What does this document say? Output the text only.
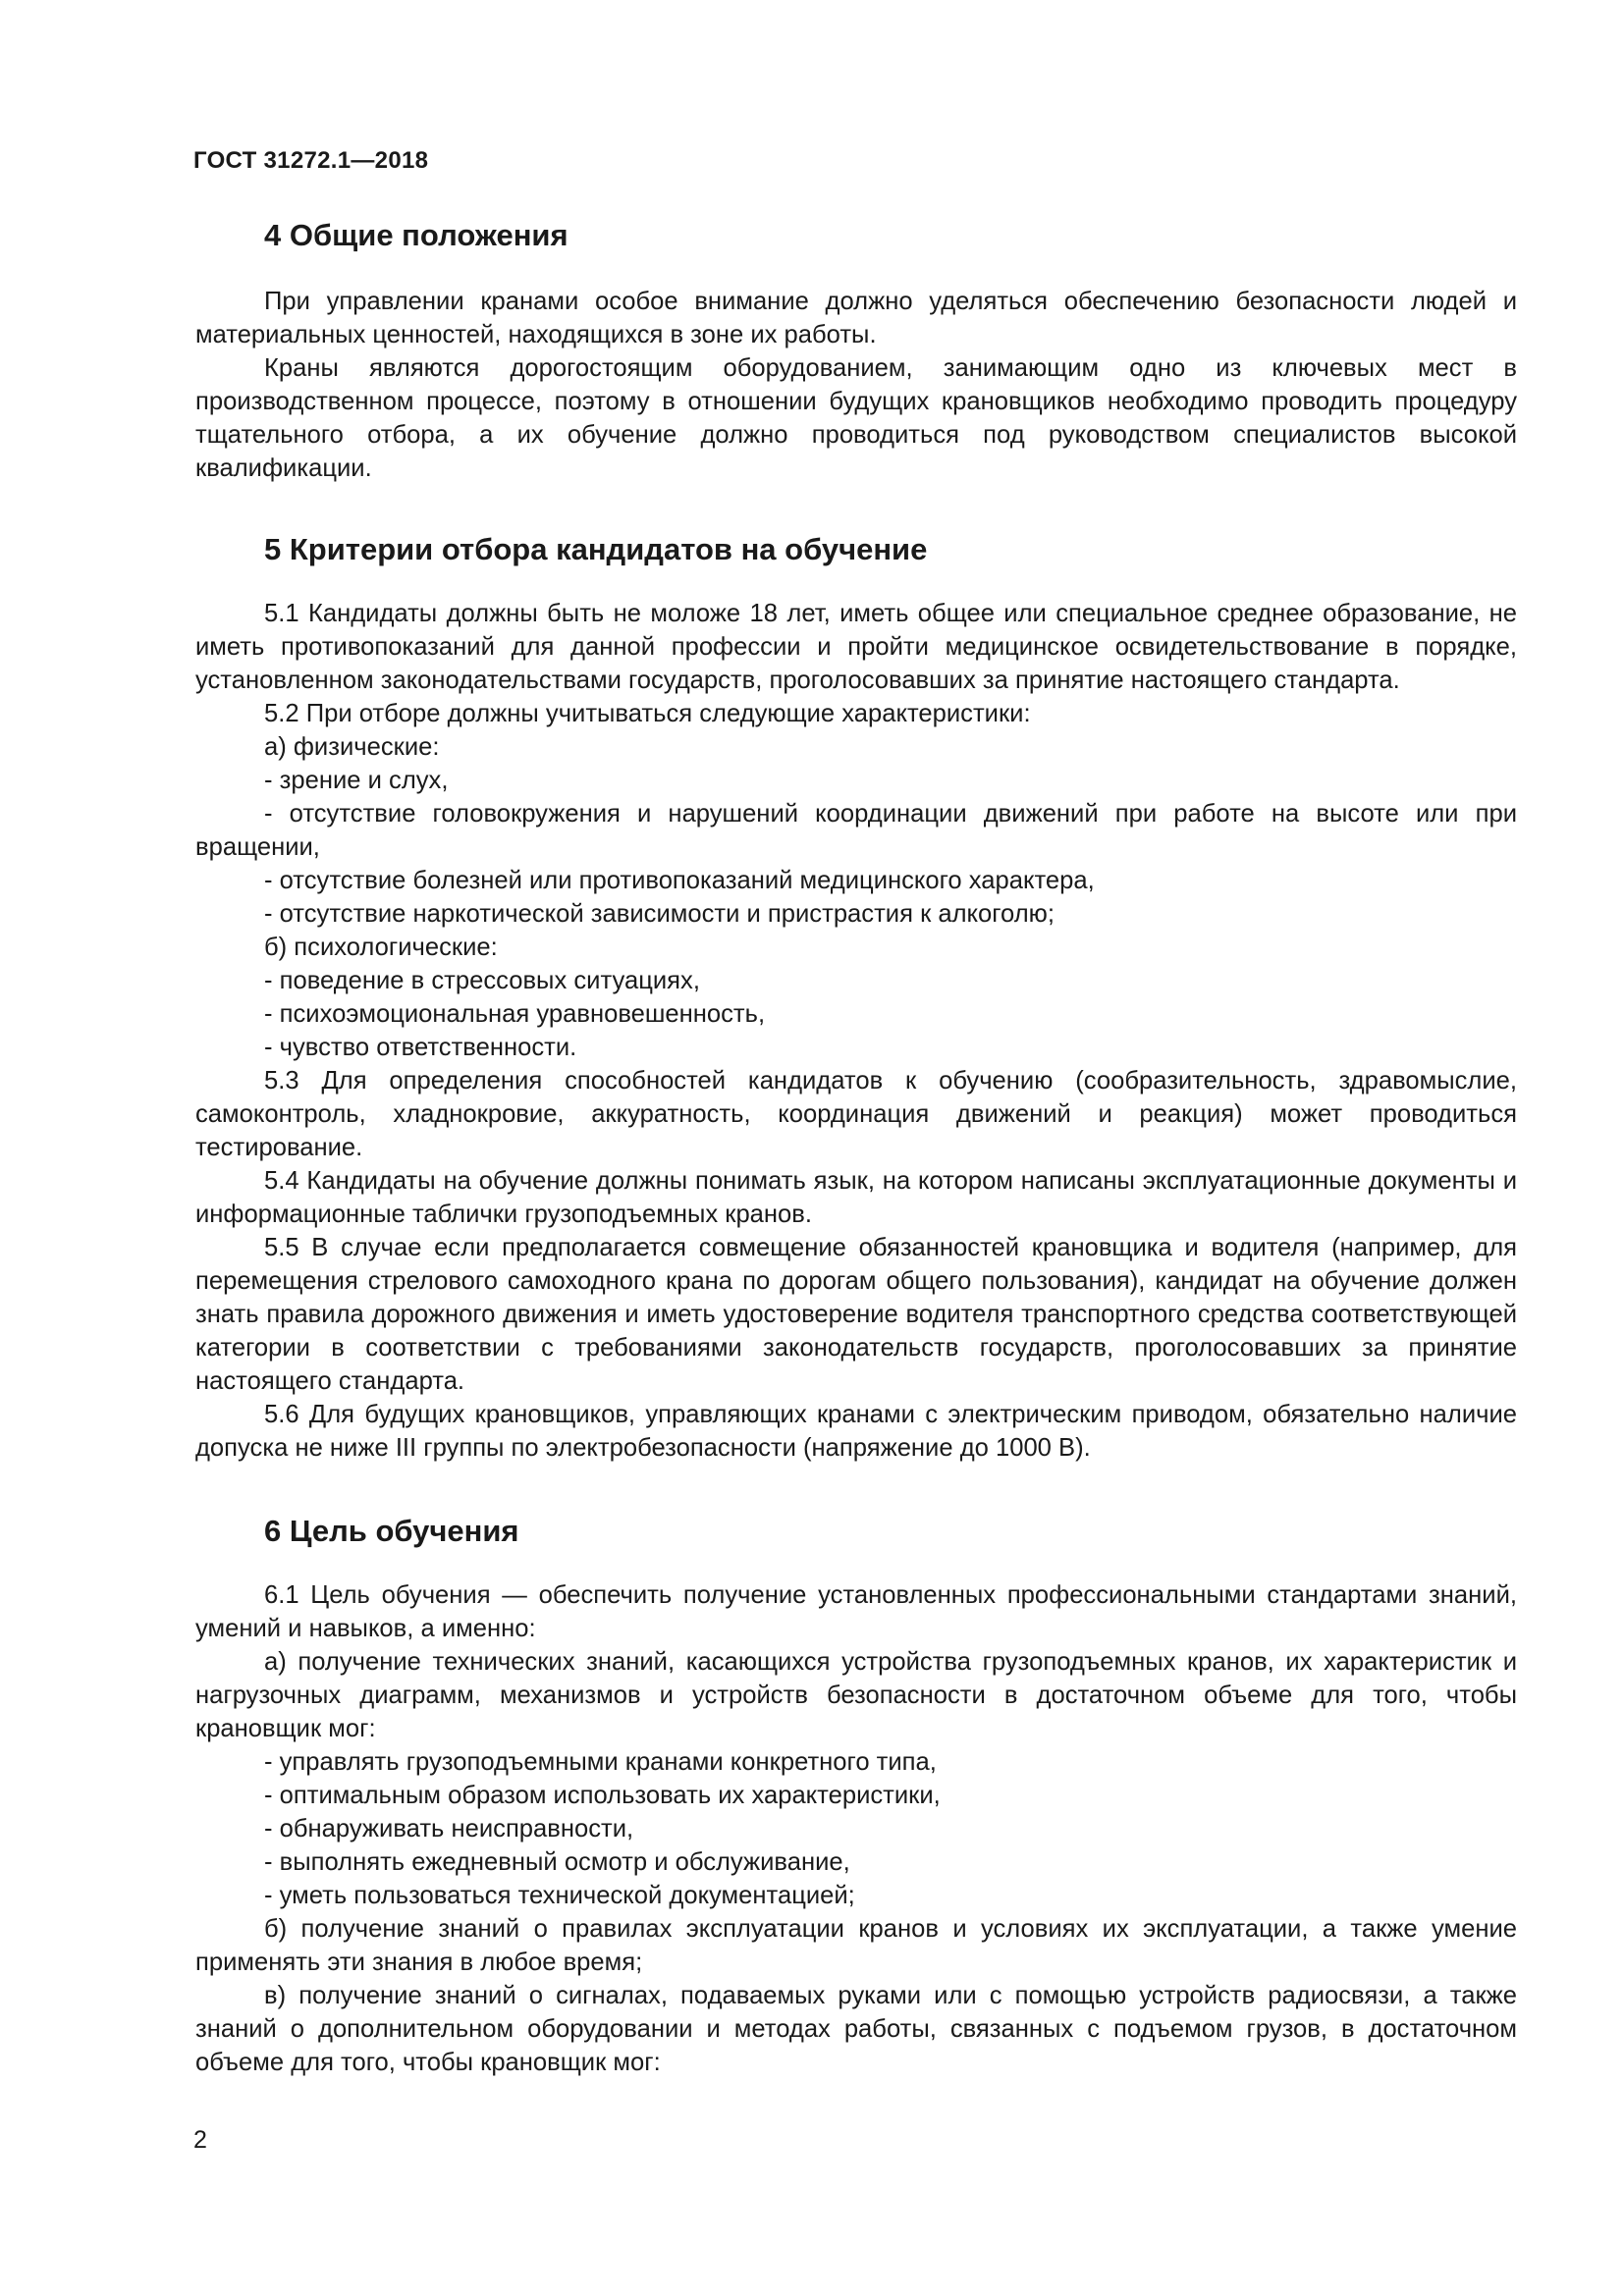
ГОСТ 31272.1—2018
4 Общие положения

При управлении кранами особое внимание должно уделяться обеспечению безопасности людей и материальных ценностей, находящихся в зоне их работы.

Краны являются дорогостоящим оборудованием, занимающим одно из ключевых мест в производственном процессе, поэтому в отношении будущих крановщиков необходимо проводить процедуру тщательного отбора, а их обучение должно проводиться под руководством специалистов высокой квалификации.

5 Критерии отбора кандидатов на обучение

5.1 Кандидаты должны быть не моложе 18 лет, иметь общее или специальное среднее образование, не иметь противопоказаний для данной профессии и пройти медицинское освидетельствование в порядке, установленном законодательствами государств, проголосовавших за принятие настоящего стандарта.

5.2 При отборе должны учитываться следующие характеристики:

а) физические:

- зрение и слух,

- отсутствие головокружения и нарушений координации движений при работе на высоте или при вращении,

- отсутствие болезней или противопоказаний медицинского характера,

- отсутствие наркотической зависимости и пристрастия к алкоголю;

б) психологические:

- поведение в стрессовых ситуациях,

- психоэмоциональная уравновешенность,

- чувство ответственности.

5.3 Для определения способностей кандидатов к обучению (сообразительность, здравомыслие, самоконтроль, хладнокровие, аккуратность, координация движений и реакция) может проводиться тестирование.

5.4 Кандидаты на обучение должны понимать язык, на котором написаны эксплуатационные документы и информационные таблички грузоподъемных кранов.

5.5 В случае если предполагается совмещение обязанностей крановщика и водителя (например, для перемещения стрелового самоходного крана по дорогам общего пользования), кандидат на обучение должен знать правила дорожного движения и иметь удостоверение водителя транспортного средства соответствующей категории в соответствии с требованиями законодательств государств, проголосовавших за принятие настоящего стандарта.

5.6 Для будущих крановщиков, управляющих кранами с электрическим приводом, обязательно наличие допуска не ниже III группы по электробезопасности (напряжение до 1000 В).

6 Цель обучения

6.1 Цель обучения — обеспечить получение установленных профессиональными стандартами знаний, умений и навыков, а именно:

а) получение технических знаний, касающихся устройства грузоподъемных кранов, их характеристик и нагрузочных диаграмм, механизмов и устройств безопасности в достаточном объеме для того, чтобы крановщик мог:

- управлять грузоподъемными кранами конкретного типа,

- оптимальным образом использовать их характеристики,

- обнаруживать неисправности,

- выполнять ежедневный осмотр и обслуживание,

- уметь пользоваться технической документацией;

б) получение знаний о правилах эксплуатации кранов и условиях их эксплуатации, а также умение применять эти знания в любое время;

в) получение знаний о сигналах, подаваемых руками или с помощью устройств радиосвязи, а также знаний о дополнительном оборудовании и методах работы, связанных с подъемом грузов, в достаточном объеме для того, чтобы крановщик мог:

2
